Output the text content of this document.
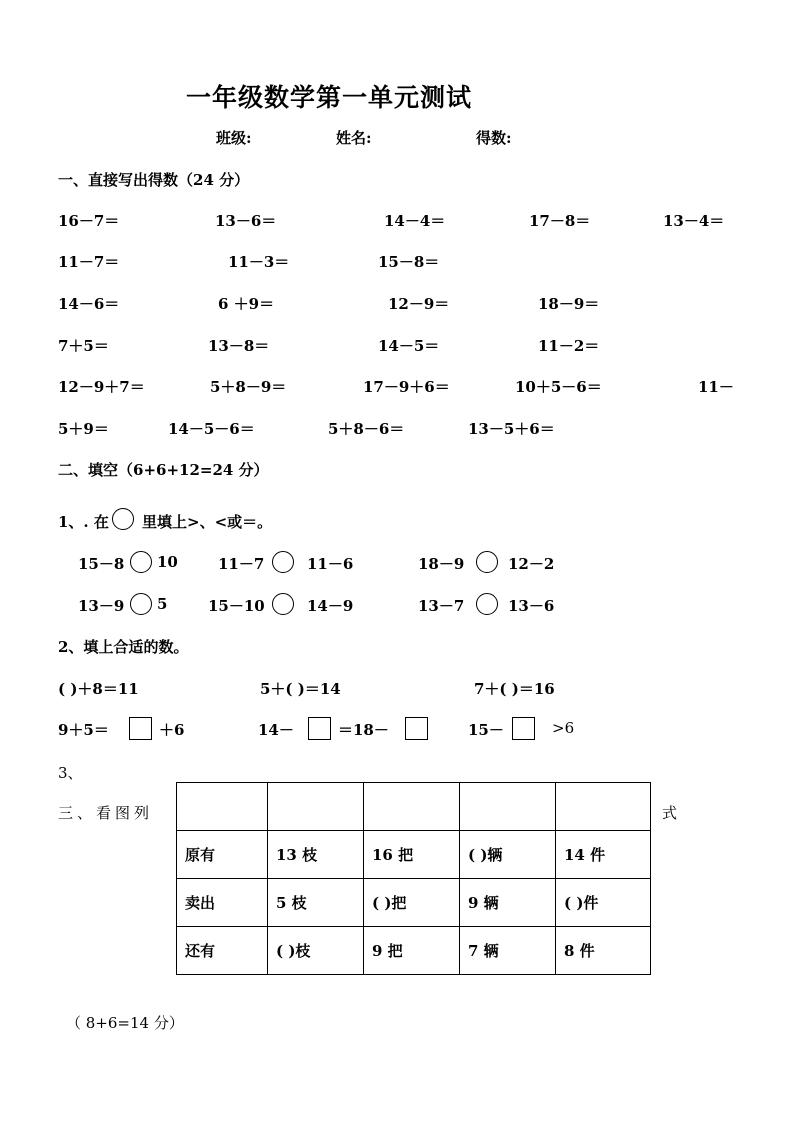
一年级数学第一单元测试
班级:	姓名:	得数:
一、直接写出得数（24 分）
16－7＝	13－6＝	14－4＝	17－8＝	13－4＝
11－7＝	11－3＝	15－8＝
14－6＝	6 ＋9＝	12－9＝	18－9＝
7＋5＝	13－8＝	14－5＝	11－2＝
12－9＋7＝	5＋8－9＝	17－9＋6＝	10＋5－6＝	11－
5＋9＝	14－5－6＝	5＋8－6＝	13－5＋6＝
二、填空（6+6+12=24 分）
1、. 在 里填上>、<或＝。
15－8 10	11－7	11－6	18－9	12－2
13－9 5	15－10	14－9	13－7	13－6
2、填上合适的数。
( )＋8＝11	5＋( )＝14	7＋( )＝16
9＋5＝	＋6	14－	＝18－	15－	>6
3、
三、看图列	式

原有	13 枝	16 把	( )辆	14 件
卖出	5 枝	( )把	9 辆	( )件
还有	( )枝	9 把	7 辆	8 件
（ 8+6=14 分）
